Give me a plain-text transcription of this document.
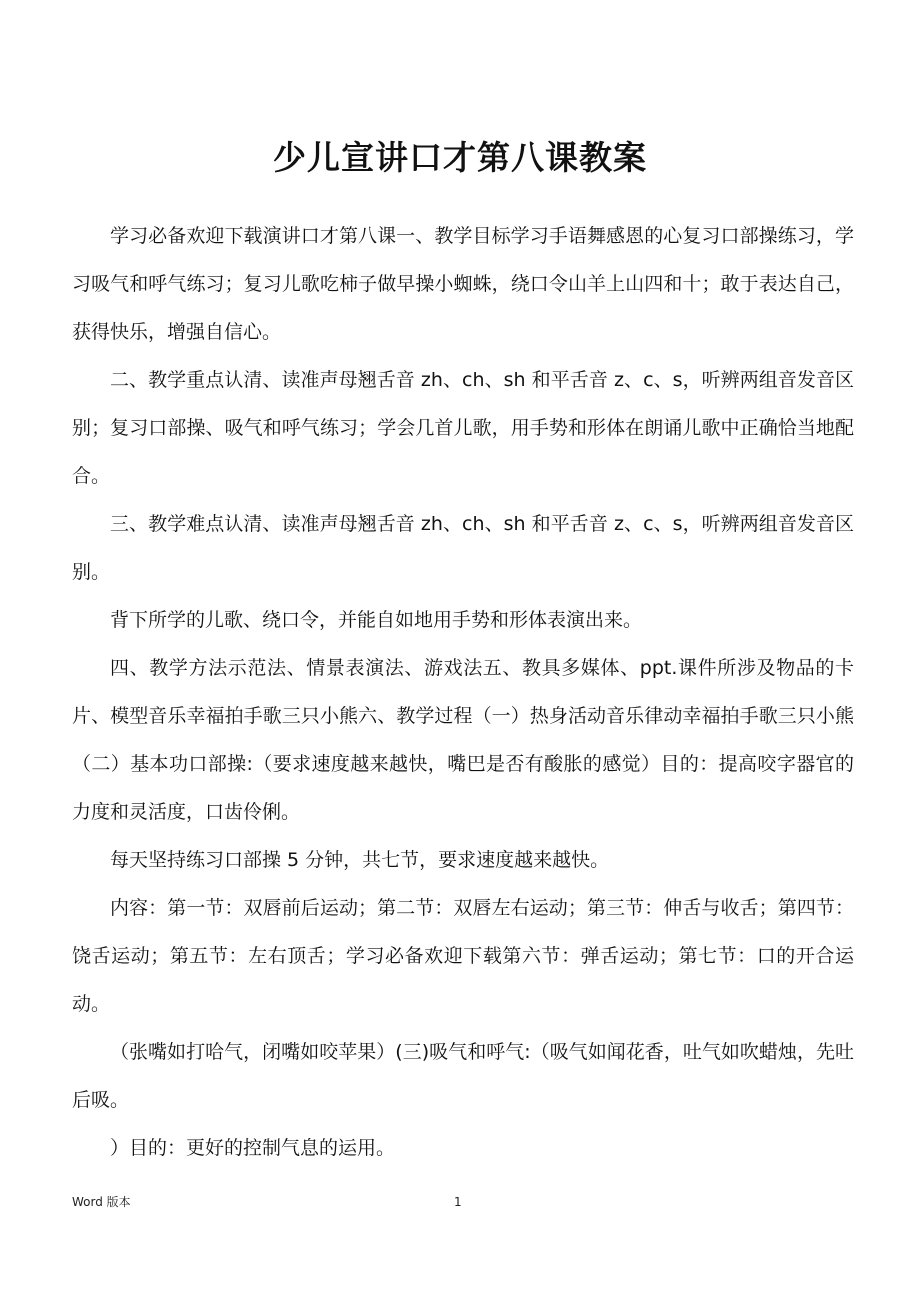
少儿宣讲口才第八课教案

学习必备欢迎下载演讲口才第八课一、教学目标学习手语舞感恩的心复习口部操练习，学习吸气和呼气练习；复习儿歌吃柿子做早操小蜘蛛，绕口令山羊上山四和十；敢于表达自己，获得快乐，增强自信心。

二、教学重点认清、读准声母翘舌音 zh、ch、sh 和平舌音 z、c、s，听辨两组音发音区别；复习口部操、吸气和呼气练习；学会几首儿歌，用手势和形体在朗诵儿歌中正确恰当地配合。

三、教学难点认清、读准声母翘舌音 zh、ch、sh 和平舌音 z、c、s，听辨两组音发音区别。

背下所学的儿歌、绕口令，并能自如地用手势和形体表演出来。

四、教学方法示范法、情景表演法、游戏法五、教具多媒体、ppt.课件所涉及物品的卡片、模型音乐幸福拍手歌三只小熊六、教学过程（一）热身活动音乐律动幸福拍手歌三只小熊（二）基本功口部操:（要求速度越来越快，嘴巴是否有酸胀的感觉）目的：提高咬字器官的力度和灵活度，口齿伶俐。

每天坚持练习口部操 5 分钟，共七节，要求速度越来越快。

内容：第一节：双唇前后运动；第二节：双唇左右运动；第三节：伸舌与收舌；第四节：饶舌运动；第五节：左右顶舌；学习必备欢迎下载第六节：弹舌运动；第七节：口的开合运动。

（张嘴如打哈气，闭嘴如咬苹果）(三)吸气和呼气:（吸气如闻花香，吐气如吹蜡烛，先吐后吸。

）目的：更好的控制气息的运用。

Word 版本	1
